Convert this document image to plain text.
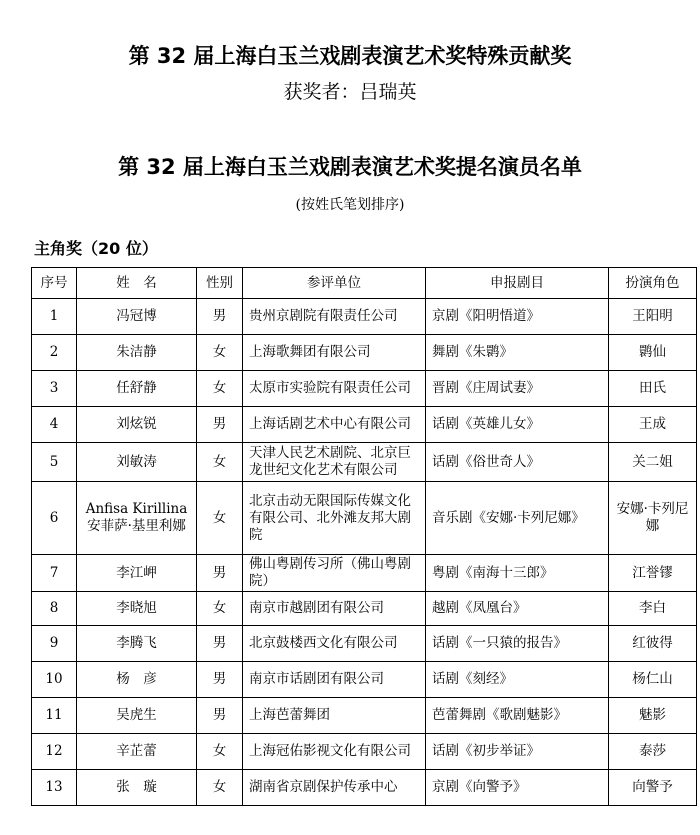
第 32 届上海白玉兰戏剧表演艺术奖特殊贡献奖
获奖者：吕瑞英
第 32 届上海白玉兰戏剧表演艺术奖提名演员名单
(按姓氏笔划排序)
主角奖（20 位）
序号	姓　名	性别	参评单位	申报剧目	扮演角色
1	冯冠博	男	贵州京剧院有限责任公司	京剧《阳明悟道》	王阳明
2	朱洁静	女	上海歌舞团有限公司	舞剧《朱鹮》	鹮仙
3	任舒静	女	太原市实验院有限责任公司	晋剧《庄周试妻》	田氏
4	刘炫锐	男	上海话剧艺术中心有限公司	话剧《英雄儿女》	王成
5	刘敏涛	女	天津人民艺术剧院、北京巨龙世纪文化艺术有限公司	话剧《俗世奇人》	关二姐
6	Anfisa Kirillina 安菲萨·基里利娜	女	北京击动无限国际传媒文化有限公司、北外滩友邦大剧院	音乐剧《安娜·卡列尼娜》	安娜·卡列尼娜
7	李江岬	男	佛山粤剧传习所（佛山粤剧院）	粤剧《南海十三郎》	江誉镠
8	李晓旭	女	南京市越剧团有限公司	越剧《凤凰台》	李白
9	李腾飞	男	北京鼓楼西文化有限公司	话剧《一只猿的报告》	红彼得
10	杨　彦	男	南京市话剧团有限公司	话剧《刻经》	杨仁山
11	吴虎生	男	上海芭蕾舞团	芭蕾舞剧《歌剧魅影》	魅影
12	辛芷蕾	女	上海冠佑影视文化有限公司	话剧《初步举证》	泰莎
13	张　璇	女	湖南省京剧保护传承中心	京剧《向警予》	向警予
